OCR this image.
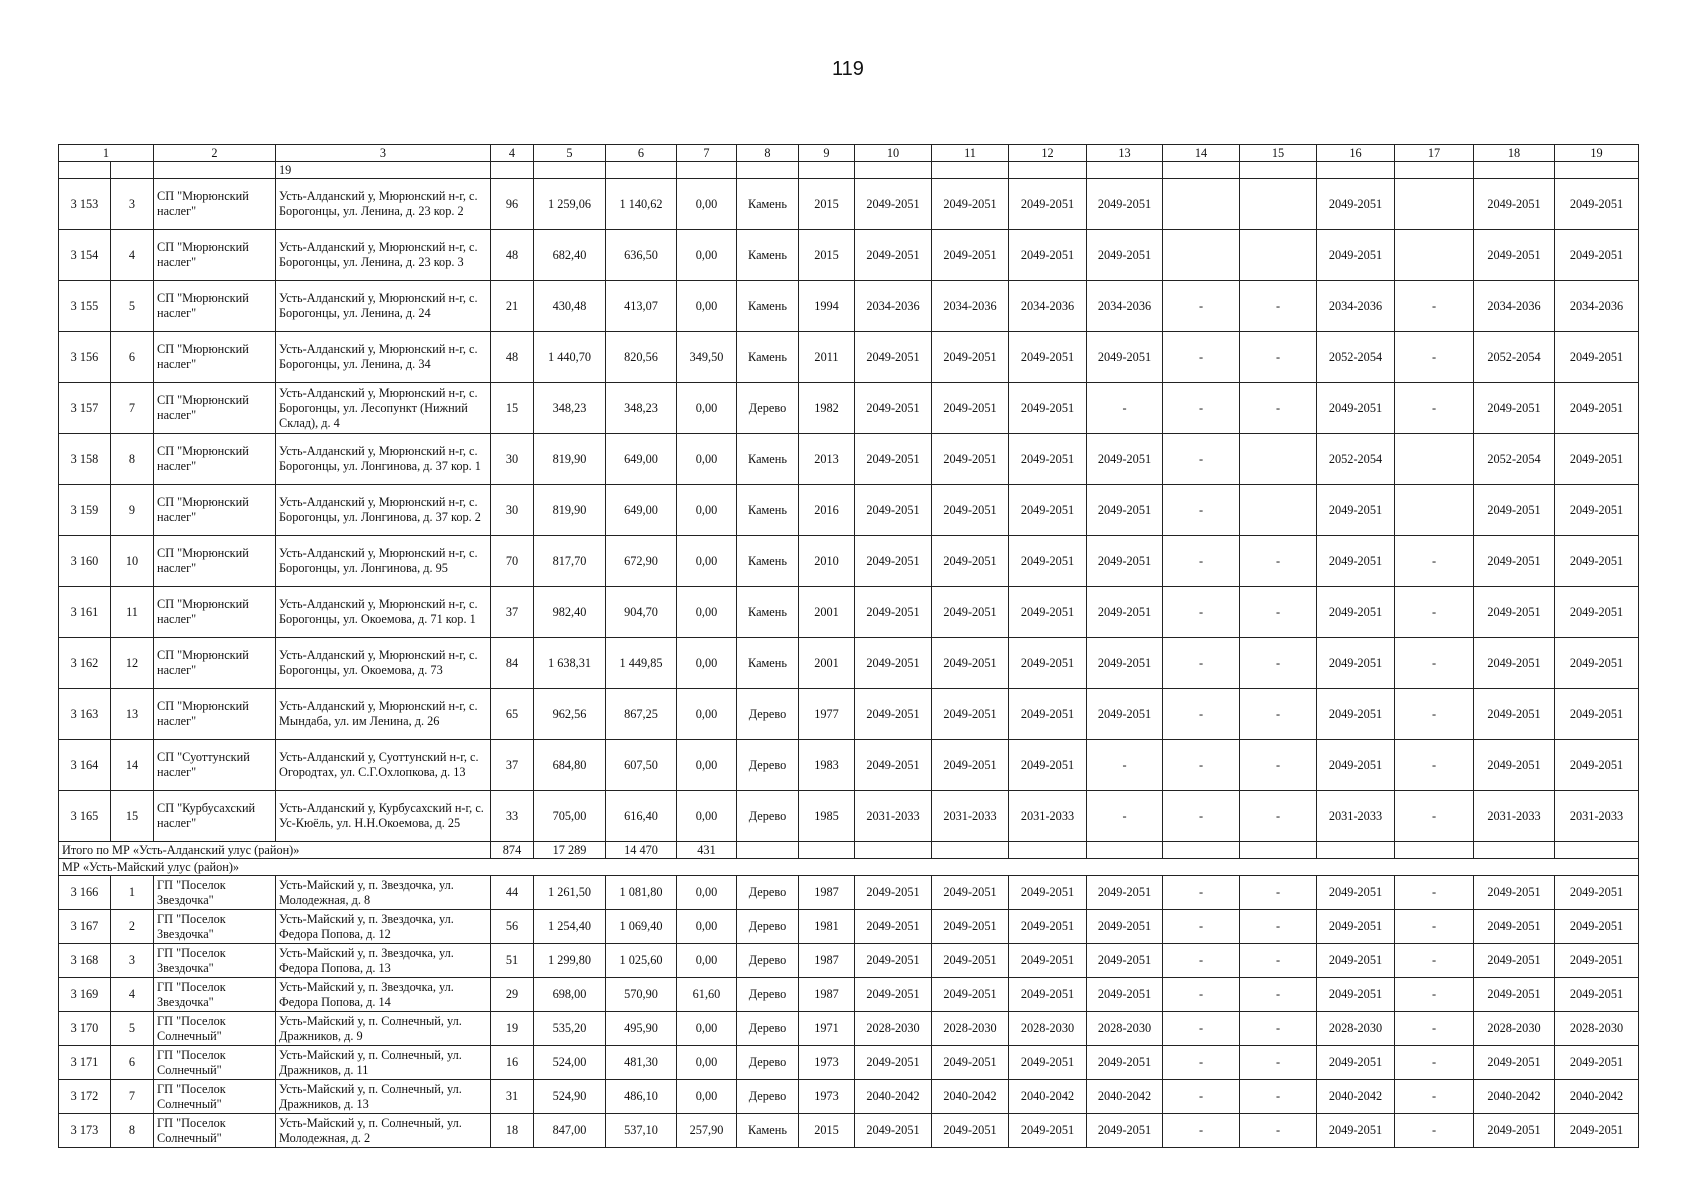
119
1		2	3	4	5	6	7	8	9	10	11	12	13	14	15	16	17	18	19
			19																
3 153	3	СП "Мюрюнский наслег"	Усть-Алданский у, Мюрюнский н-г, с. Борогонцы, ул. Ленина, д. 23 кор. 2	96	1 259,06	1 140,62	0,00	Камень	2015	2049-2051	2049-2051	2049-2051	2049-2051			2049-2051		2049-2051	2049-2051
3 154	4	СП "Мюрюнский наслег"	Усть-Алданский у, Мюрюнский н-г, с. Борогонцы, ул. Ленина, д. 23 кор. 3	48	682,40	636,50	0,00	Камень	2015	2049-2051	2049-2051	2049-2051	2049-2051			2049-2051		2049-2051	2049-2051
3 155	5	СП "Мюрюнский наслег"	Усть-Алданский у, Мюрюнский н-г, с. Борогонцы, ул. Ленина, д. 24	21	430,48	413,07	0,00	Камень	1994	2034-2036	2034-2036	2034-2036	2034-2036	-	-	2034-2036	-	2034-2036	2034-2036
3 156	6	СП "Мюрюнский наслег"	Усть-Алданский у, Мюрюнский н-г, с. Борогонцы, ул. Ленина, д. 34	48	1 440,70	820,56	349,50	Камень	2011	2049-2051	2049-2051	2049-2051	2049-2051	-	-	2052-2054	-	2052-2054	2049-2051
3 157	7	СП "Мюрюнский наслег"	Усть-Алданский у, Мюрюнский н-г, с. Борогонцы, ул. Лесопункт (Нижний Склад), д. 4	15	348,23	348,23	0,00	Дерево	1982	2049-2051	2049-2051	2049-2051	-	-	-	2049-2051	-	2049-2051	2049-2051
3 158	8	СП "Мюрюнский наслег"	Усть-Алданский у, Мюрюнский н-г, с. Борогонцы, ул. Лонгинова, д. 37 кор. 1	30	819,90	649,00	0,00	Камень	2013	2049-2051	2049-2051	2049-2051	2049-2051	-		2052-2054		2052-2054	2049-2051
3 159	9	СП "Мюрюнский наслег"	Усть-Алданский у, Мюрюнский н-г, с. Борогонцы, ул. Лонгинова, д. 37 кор. 2	30	819,90	649,00	0,00	Камень	2016	2049-2051	2049-2051	2049-2051	2049-2051	-		2049-2051		2049-2051	2049-2051
3 160	10	СП "Мюрюнский наслег"	Усть-Алданский у, Мюрюнский н-г, с. Борогонцы, ул. Лонгинова, д. 95	70	817,70	672,90	0,00	Камень	2010	2049-2051	2049-2051	2049-2051	2049-2051	-	-	2049-2051	-	2049-2051	2049-2051
3 161	11	СП "Мюрюнский наслег"	Усть-Алданский у, Мюрюнский н-г, с. Борогонцы, ул. Окоемова, д. 71 кор. 1	37	982,40	904,70	0,00	Камень	2001	2049-2051	2049-2051	2049-2051	2049-2051	-	-	2049-2051	-	2049-2051	2049-2051
3 162	12	СП "Мюрюнский наслег"	Усть-Алданский у, Мюрюнский н-г, с. Борогонцы, ул. Окоемова, д. 73	84	1 638,31	1 449,85	0,00	Камень	2001	2049-2051	2049-2051	2049-2051	2049-2051	-	-	2049-2051	-	2049-2051	2049-2051
3 163	13	СП "Мюрюнский наслег"	Усть-Алданский у, Мюрюнский н-г, с. Мындаба, ул. им Ленина, д. 26	65	962,56	867,25	0,00	Дерево	1977	2049-2051	2049-2051	2049-2051	2049-2051	-	-	2049-2051	-	2049-2051	2049-2051
3 164	14	СП "Суоттунский наслег"	Усть-Алданский у, Суоттунский н-г, с. Огородтах, ул. С.Г.Охлопкова, д. 13	37	684,80	607,50	0,00	Дерево	1983	2049-2051	2049-2051	2049-2051	-	-	-	2049-2051	-	2049-2051	2049-2051
3 165	15	СП "Курбусахский наслег"	Усть-Алданский у, Курбусахский н-г, с. Ус-Кюёль, ул. Н.Н.Окоемова, д. 25	33	705,00	616,40	0,00	Дерево	1985	2031-2033	2031-2033	2031-2033	-	-	-	2031-2033	-	2031-2033	2031-2033
Итого по МР «Усть-Алданский улус (район)»				874	17 289	14 470	431												
МР «Усть-Майский улус (район)»																			
3 166	1	ГП "Поселок Звездочка"	Усть-Майский у, п. Звездочка, ул. Молодежная, д. 8	44	1 261,50	1 081,80	0,00	Дерево	1987	2049-2051	2049-2051	2049-2051	2049-2051	-	-	2049-2051	-	2049-2051	2049-2051
3 167	2	ГП "Поселок Звездочка"	Усть-Майский у, п. Звездочка, ул. Федора Попова, д. 12	56	1 254,40	1 069,40	0,00	Дерево	1981	2049-2051	2049-2051	2049-2051	2049-2051	-	-	2049-2051	-	2049-2051	2049-2051
3 168	3	ГП "Поселок Звездочка"	Усть-Майский у, п. Звездочка, ул. Федора Попова, д. 13	51	1 299,80	1 025,60	0,00	Дерево	1987	2049-2051	2049-2051	2049-2051	2049-2051	-	-	2049-2051	-	2049-2051	2049-2051
3 169	4	ГП "Поселок Звездочка"	Усть-Майский у, п. Звездочка, ул. Федора Попова, д. 14	29	698,00	570,90	61,60	Дерево	1987	2049-2051	2049-2051	2049-2051	2049-2051	-	-	2049-2051	-	2049-2051	2049-2051
3 170	5	ГП "Поселок Солнечный"	Усть-Майский у, п. Солнечный, ул. Дражников, д. 9	19	535,20	495,90	0,00	Дерево	1971	2028-2030	2028-2030	2028-2030	2028-2030	-	-	2028-2030	-	2028-2030	2028-2030
3 171	6	ГП "Поселок Солнечный"	Усть-Майский у, п. Солнечный, ул. Дражников, д. 11	16	524,00	481,30	0,00	Дерево	1973	2049-2051	2049-2051	2049-2051	2049-2051	-	-	2049-2051	-	2049-2051	2049-2051
3 172	7	ГП "Поселок Солнечный"	Усть-Майский у, п. Солнечный, ул. Дражников, д. 13	31	524,90	486,10	0,00	Дерево	1973	2040-2042	2040-2042	2040-2042	2040-2042	-	-	2040-2042	-	2040-2042	2040-2042
3 173	8	ГП "Поселок Солнечный"	Усть-Майский у, п. Солнечный, ул. Молодежная, д. 2	18	847,00	537,10	257,90	Камень	2015	2049-2051	2049-2051	2049-2051	2049-2051	-	-	2049-2051	-	2049-2051	2049-2051
